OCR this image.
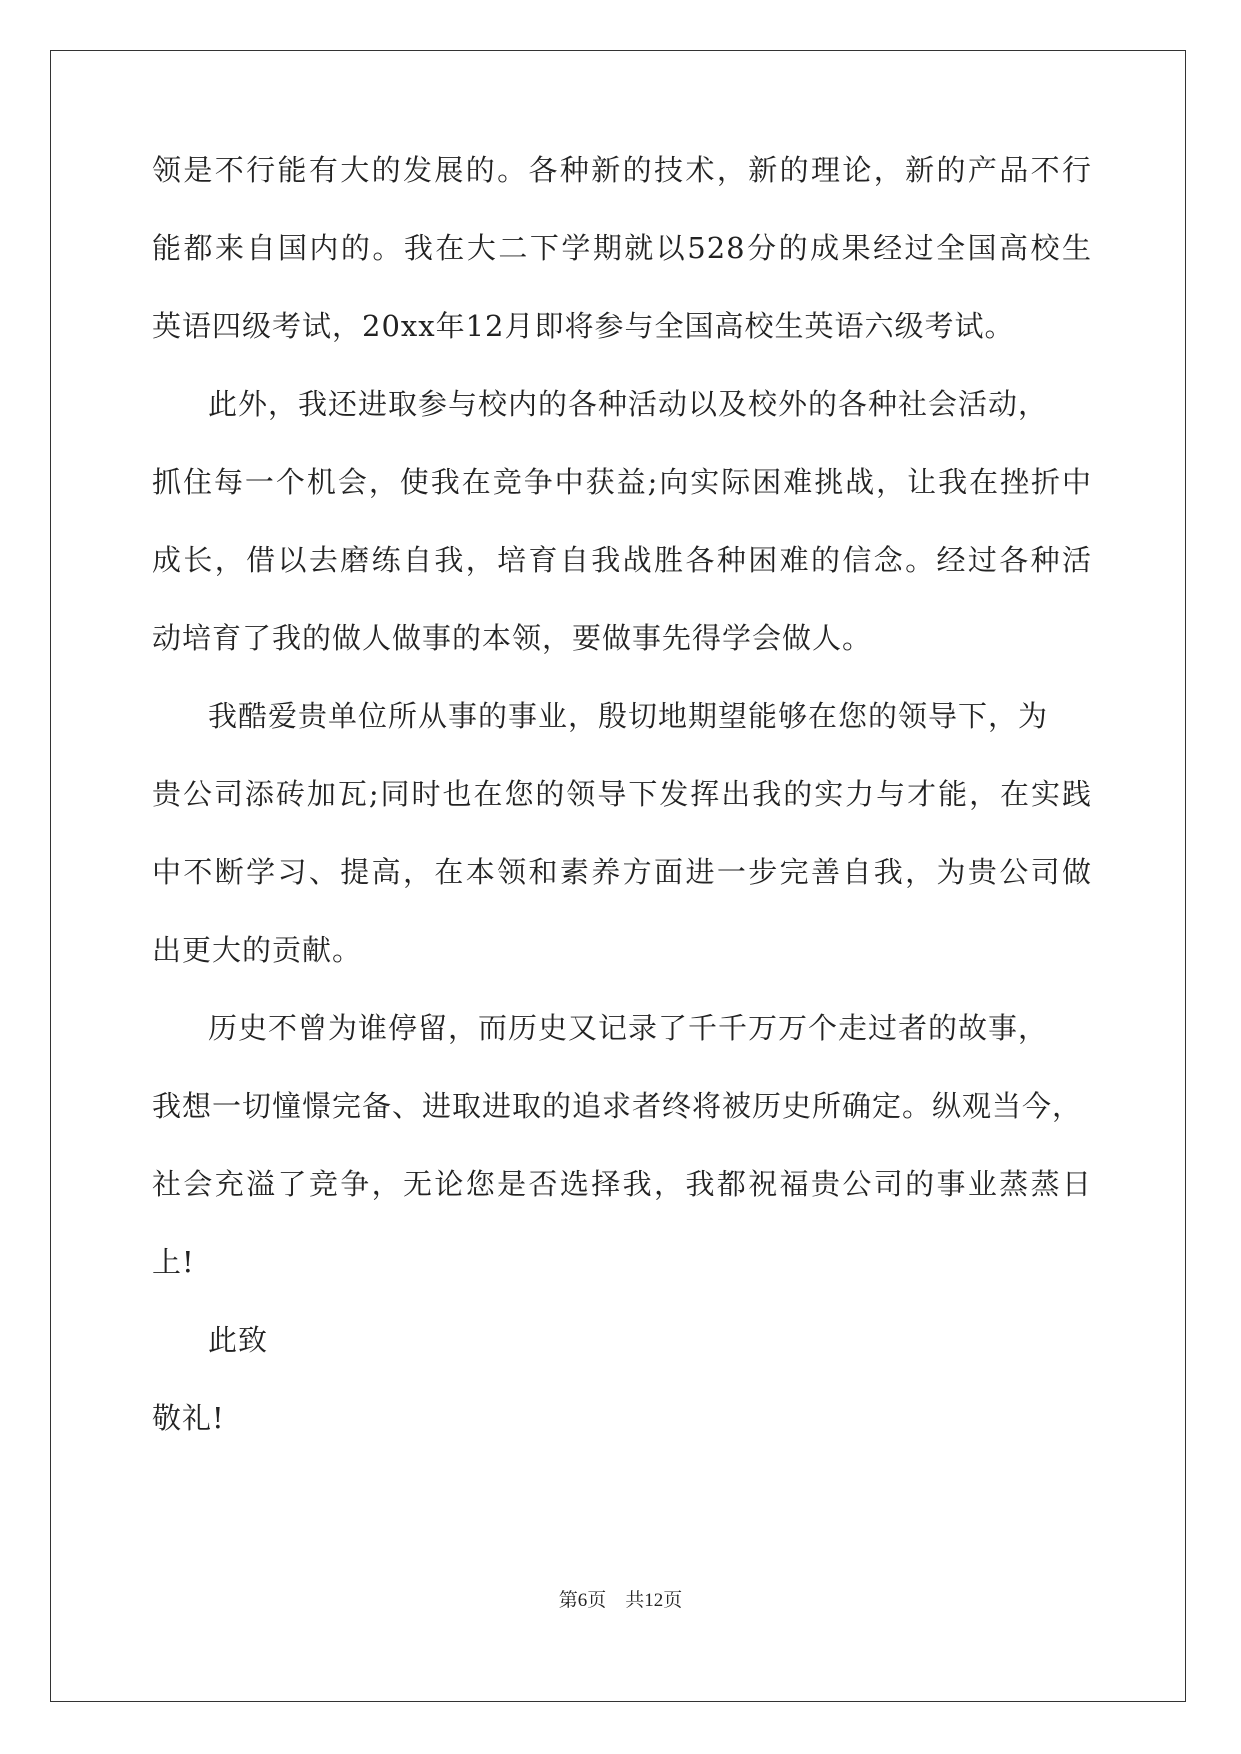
领是不行能有大的发展的。各种新的技术，新的理论，新的产品不行
能都来自国内的。我在大二下学期就以528分的成果经过全国高校生
英语四级考试，20xx年12月即将参与全国高校生英语六级考试。
此外，我还进取参与校内的各种活动以及校外的各种社会活动，
抓住每一个机会，使我在竞争中获益;向实际困难挑战，让我在挫折中
成长，借以去磨练自我，培育自我战胜各种困难的信念。经过各种活
动培育了我的做人做事的本领，要做事先得学会做人。
我酷爱贵单位所从事的事业，殷切地期望能够在您的领导下，为
贵公司添砖加瓦;同时也在您的领导下发挥出我的实力与才能，在实践
中不断学习、提高，在本领和素养方面进一步完善自我，为贵公司做
出更大的贡献。
历史不曾为谁停留，而历史又记录了千千万万个走过者的故事，
我想一切憧憬完备、进取进取的追求者终将被历史所确定。纵观当今，
社会充溢了竞争，无论您是否选择我，我都祝福贵公司的事业蒸蒸日
上!
此致
敬礼!
第6页 共12页
